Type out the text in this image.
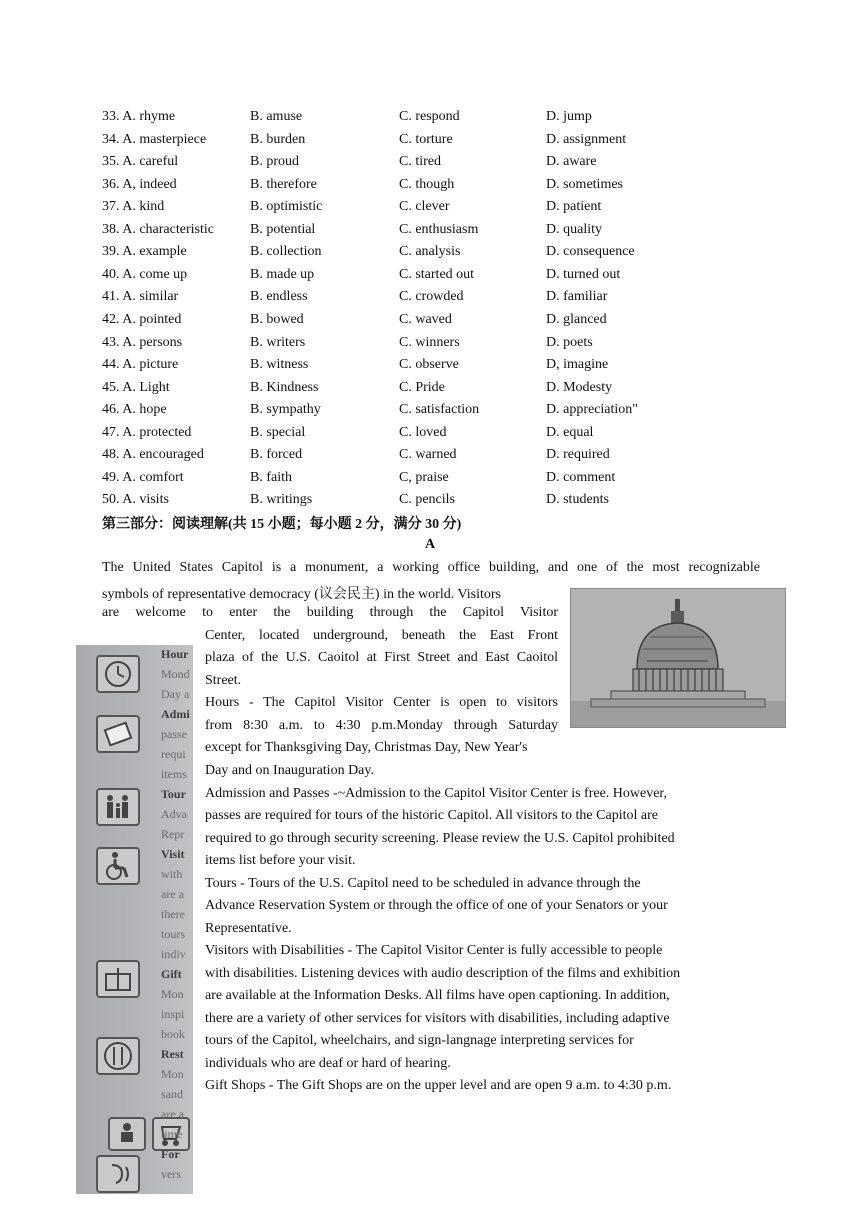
33. A. rhyme	B. amuse	C. respond	D. jump
34. A. masterpiece	B. burden	C. torture	D. assignment
35. A. careful	B. proud	C. tired	D. aware
36. A, indeed	B. therefore	C. though	D. sometimes
37. A. kind	B. optimistic	C. clever	D. patient
38. A. characteristic	B. potential	C. enthusiasm	D. quality
39. A. example	B. collection	C. analysis	D. consequence
40. A. come up	B. made up	C. started out	D. turned out
41. A. similar	B. endless	C. crowded	D. familiar
42. A. pointed	B. bowed	C. waved	D. glanced
43. A. persons	B. writers	C. winners	D. poets
44. A. picture	B. witness	C. observe	D, imagine
45. A. Light	B. Kindness	C. Pride	D. Modesty
46. A. hope	B. sympathy	C. satisfaction	D. appreciation"
47. A. protected	B. special	C. loved	D. equal
48. A. encouraged	B. forced	C. warned	D. required
49. A. comfort	B. faith	C, praise	D. comment
50. A. visits	B. writings	C. pencils	D. students
第三部分：阅读理解(共 15 小题；每小题 2 分，满分 30 分)
A
The United States Capitol is a monument, a working office building, and one of the most recognizable
symbols of representative democracy (议会民主) in the world. Visitors
are welcome to enter the building through the Capitol Visitor
Center, located underground, beneath the East Front
plaza of the U.S. Caoitol at First Street and East Caoitol
Street.
Hours - The Capitol Visitor Center is open to visitors
from 8:30 a.m. to 4:30 p.m.Monday through Saturday
except for Thanksgiving Day, Christmas Day, New Year's
Day and on Inauguration Day.
Admission and Passes -~Admission to the Capitol Visitor Center is free. However,
passes are required for tours of the historic Capitol. All visitors to the Capitol are
required to go through security screening. Please review the U.S. Capitol prohibited
items list before your visit.
Tours - Tours of the U.S. Capitol need to be scheduled in advance through the
Advance Reservation System or through the office of one of your Senators or your
Representative.
Visitors with Disabilities - The Capitol Visitor Center is fully accessible to people
with disabilities. Listening devices with audio description of the films and exhibition
are available at the Information Desks. All films have open captioning. In addition,
there are a variety of other services for visitors with disabilities, including adaptive
tours of the Capitol, wheelchairs, and sign-langnage interpreting services for
individuals who are deaf or hard of hearing.
Gift Shops - The Gift Shops are on the upper level and are open 9 a.m. to 4:30 p.m.
Hour
Mond
Day a
Admi
passe
requi
items
Tour
Adva
Repr
Visit
with
are a
there
tours
indiv
Gift
Mon
inspi
book
Rest
Mon
sand
are a
time
For
vers
